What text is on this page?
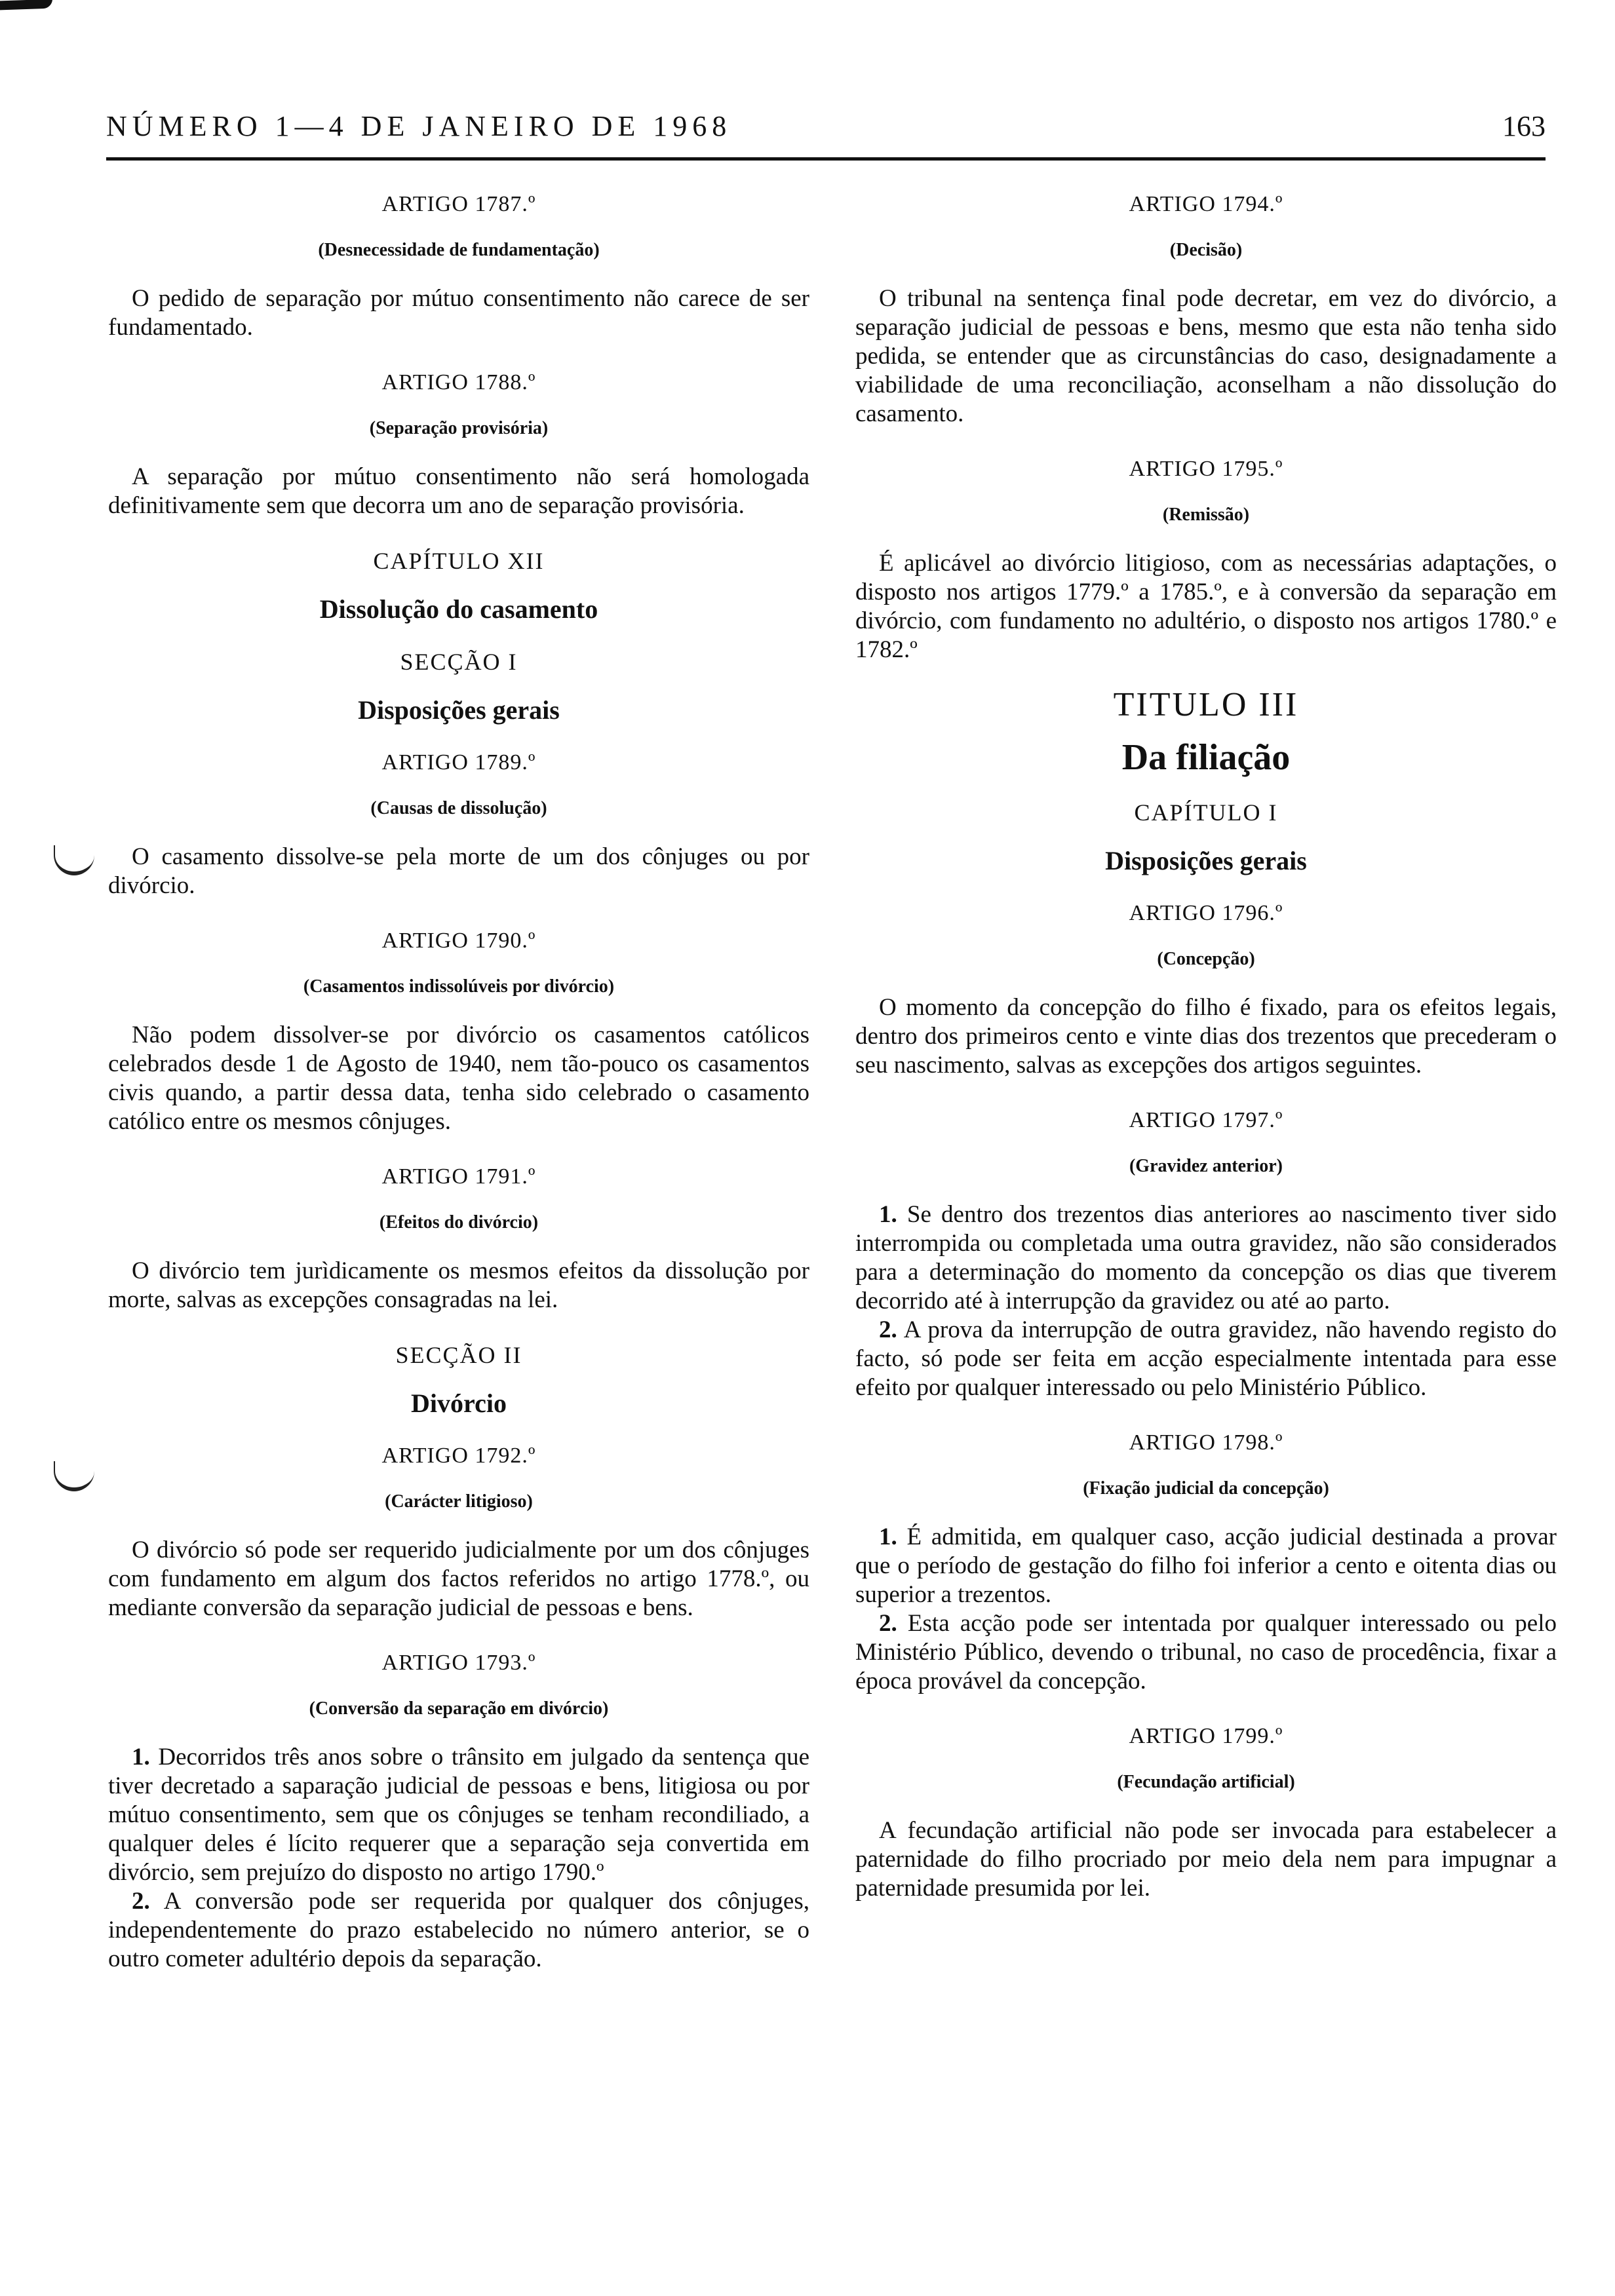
NÚMERO 1—4 DE JANEIRO DE 1968	163
ARTIGO 1787.º
(Desnecessidade de fundamentação)

O pedido de separação por mútuo consentimento não carece de ser fundamentado.

ARTIGO 1788.º
(Separação provisória)

A separação por mútuo consentimento não será homologada definitivamente sem que decorra um ano de separação provisória.

CAPÍTULO XII
Dissolução do casamento
SECÇÃO I
Disposições gerais
ARTIGO 1789.º
(Causas de dissolução)

O casamento dissolve-se pela morte de um dos cônjuges ou por divórcio.

ARTIGO 1790.º
(Casamentos indissolúveis por divórcio)

Não podem dissolver-se por divórcio os casamentos católicos celebrados desde 1 de Agosto de 1940, nem tão-pouco os casamentos civis quando, a partir dessa data, tenha sido celebrado o casamento católico entre os mesmos cônjuges.

ARTIGO 1791.º
(Efeitos do divórcio)

O divórcio tem jurìdicamente os mesmos efeitos da dissolução por morte, salvas as excepções consagradas na lei.

SECÇÃO II
Divórcio
ARTIGO 1792.º
(Carácter litigioso)

O divórcio só pode ser requerido judicialmente por um dos cônjuges com fundamento em algum dos factos referidos no artigo 1778.º, ou mediante conversão da separação judicial de pessoas e bens.

ARTIGO 1793.º
(Conversão da separação em divórcio)

1. Decorridos três anos sobre o trânsito em julgado da sentença que tiver decretado a saparação judicial de pessoas e bens, litigiosa ou por mútuo consentimento, sem que os cônjuges se tenham recondiliado, a qualquer deles é lícito requerer que a separação seja convertida em divórcio, sem prejuízo do disposto no artigo 1790.º

2. A conversão pode ser requerida por qualquer dos cônjuges, independentemente do prazo estabelecido no número anterior, se o outro cometer adultério depois da separação.

ARTIGO 1794.º
(Decisão)

O tribunal na sentença final pode decretar, em vez do divórcio, a separação judicial de pessoas e bens, mesmo que esta não tenha sido pedida, se entender que as circunstâncias do caso, designadamente a viabilidade de uma reconciliação, aconselham a não dissolução do casamento.

ARTIGO 1795.º
(Remissão)

É aplicável ao divórcio litigioso, com as necessárias adaptações, o disposto nos artigos 1779.º a 1785.º, e à conversão da separação em divórcio, com fundamento no adultério, o disposto nos artigos 1780.º e 1782.º

TITULO III
Da filiação
CAPÍTULO I
Disposições gerais
ARTIGO 1796.º
(Concepção)

O momento da concepção do filho é fixado, para os efeitos legais, dentro dos primeiros cento e vinte dias dos trezentos que precederam o seu nascimento, salvas as excepções dos artigos seguintes.

ARTIGO 1797.º
(Gravidez anterior)

1. Se dentro dos trezentos dias anteriores ao nascimento tiver sido interrompida ou completada uma outra gravidez, não são considerados para a determinação do momento da concepção os dias que tiverem decorrido até à interrupção da gravidez ou até ao parto.

2. A prova da interrupção de outra gravidez, não havendo registo do facto, só pode ser feita em acção especialmente intentada para esse efeito por qualquer interessado ou pelo Ministério Público.

ARTIGO 1798.º
(Fixação judicial da concepção)

1. É admitida, em qualquer caso, acção judicial destinada a provar que o período de gestação do filho foi inferior a cento e oitenta dias ou superior a trezentos.

2. Esta acção pode ser intentada por qualquer interessado ou pelo Ministério Público, devendo o tribunal, no caso de procedência, fixar a época provável da concepção.

ARTIGO 1799.º
(Fecundação artificial)

A fecundação artificial não pode ser invocada para estabelecer a paternidade do filho procriado por meio dela nem para impugnar a paternidade presumida por lei.
